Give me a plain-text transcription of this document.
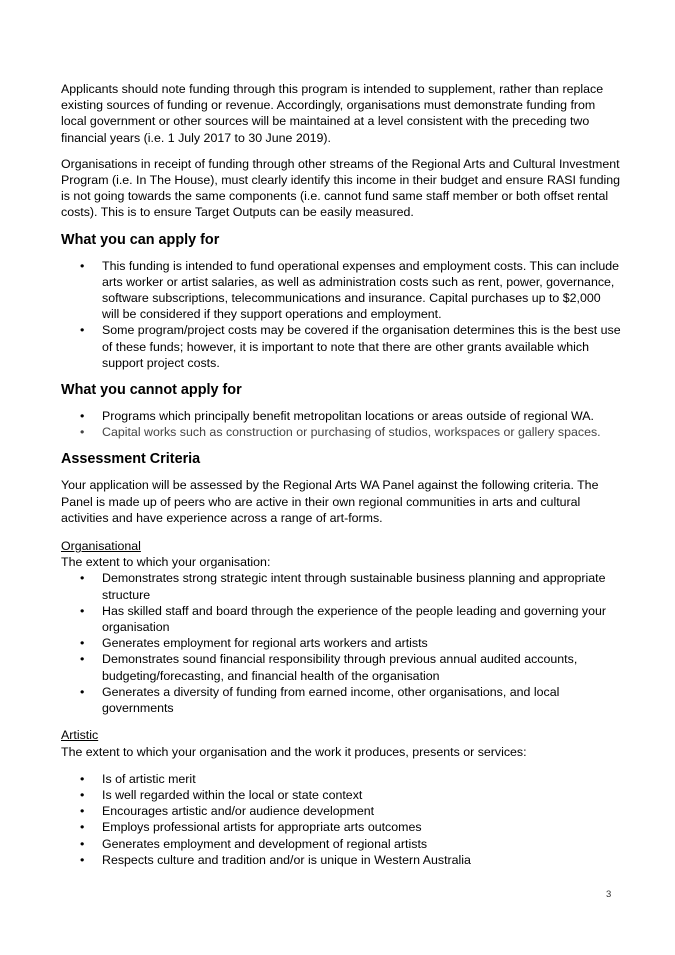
Applicants should note funding through this program is intended to supplement, rather than replace existing sources of funding or revenue. Accordingly, organisations must demonstrate funding from local government or other sources will be maintained at a level consistent with the preceding two financial years (i.e. 1 July 2017 to 30 June 2019).

Organisations in receipt of funding through other streams of the Regional Arts and Cultural Investment Program (i.e. In The House), must clearly identify this income in their budget and ensure RASI funding is not going towards the same components (i.e. cannot fund same staff member or both offset rental costs). This is to ensure Target Outputs can be easily measured.

What you can apply for
• This funding is intended to fund operational expenses and employment costs. This can include arts worker or artist salaries, as well as administration costs such as rent, power, governance, software subscriptions, telecommunications and insurance. Capital purchases up to $2,000 will be considered if they support operations and employment.
• Some program/project costs may be covered if the organisation determines this is the best use of these funds; however, it is important to note that there are other grants available which support project costs.
What you cannot apply for
• Programs which principally benefit metropolitan locations or areas outside of regional WA.
• Capital works such as construction or purchasing of studios, workspaces or gallery spaces.
Assessment Criteria

Your application will be assessed by the Regional Arts WA Panel against the following criteria. The Panel is made up of peers who are active in their own regional communities in arts and cultural activities and have experience across a range of art-forms.

Organisational

The extent to which your organisation:

• Demonstrates strong strategic intent through sustainable business planning and appropriate structure
• Has skilled staff and board through the experience of the people leading and governing your organisation
• Generates employment for regional arts workers and artists
• Demonstrates sound financial responsibility through previous annual audited accounts, budgeting/forecasting, and financial health of the organisation
• Generates a diversity of funding from earned income, other organisations, and local governments

Artistic

The extent to which your organisation and the work it produces, presents or services:

• Is of artistic merit
• Is well regarded within the local or state context
• Encourages artistic and/or audience development
• Employs professional artists for appropriate arts outcomes
• Generates employment and development of regional artists
• Respects culture and tradition and/or is unique in Western Australia
3
